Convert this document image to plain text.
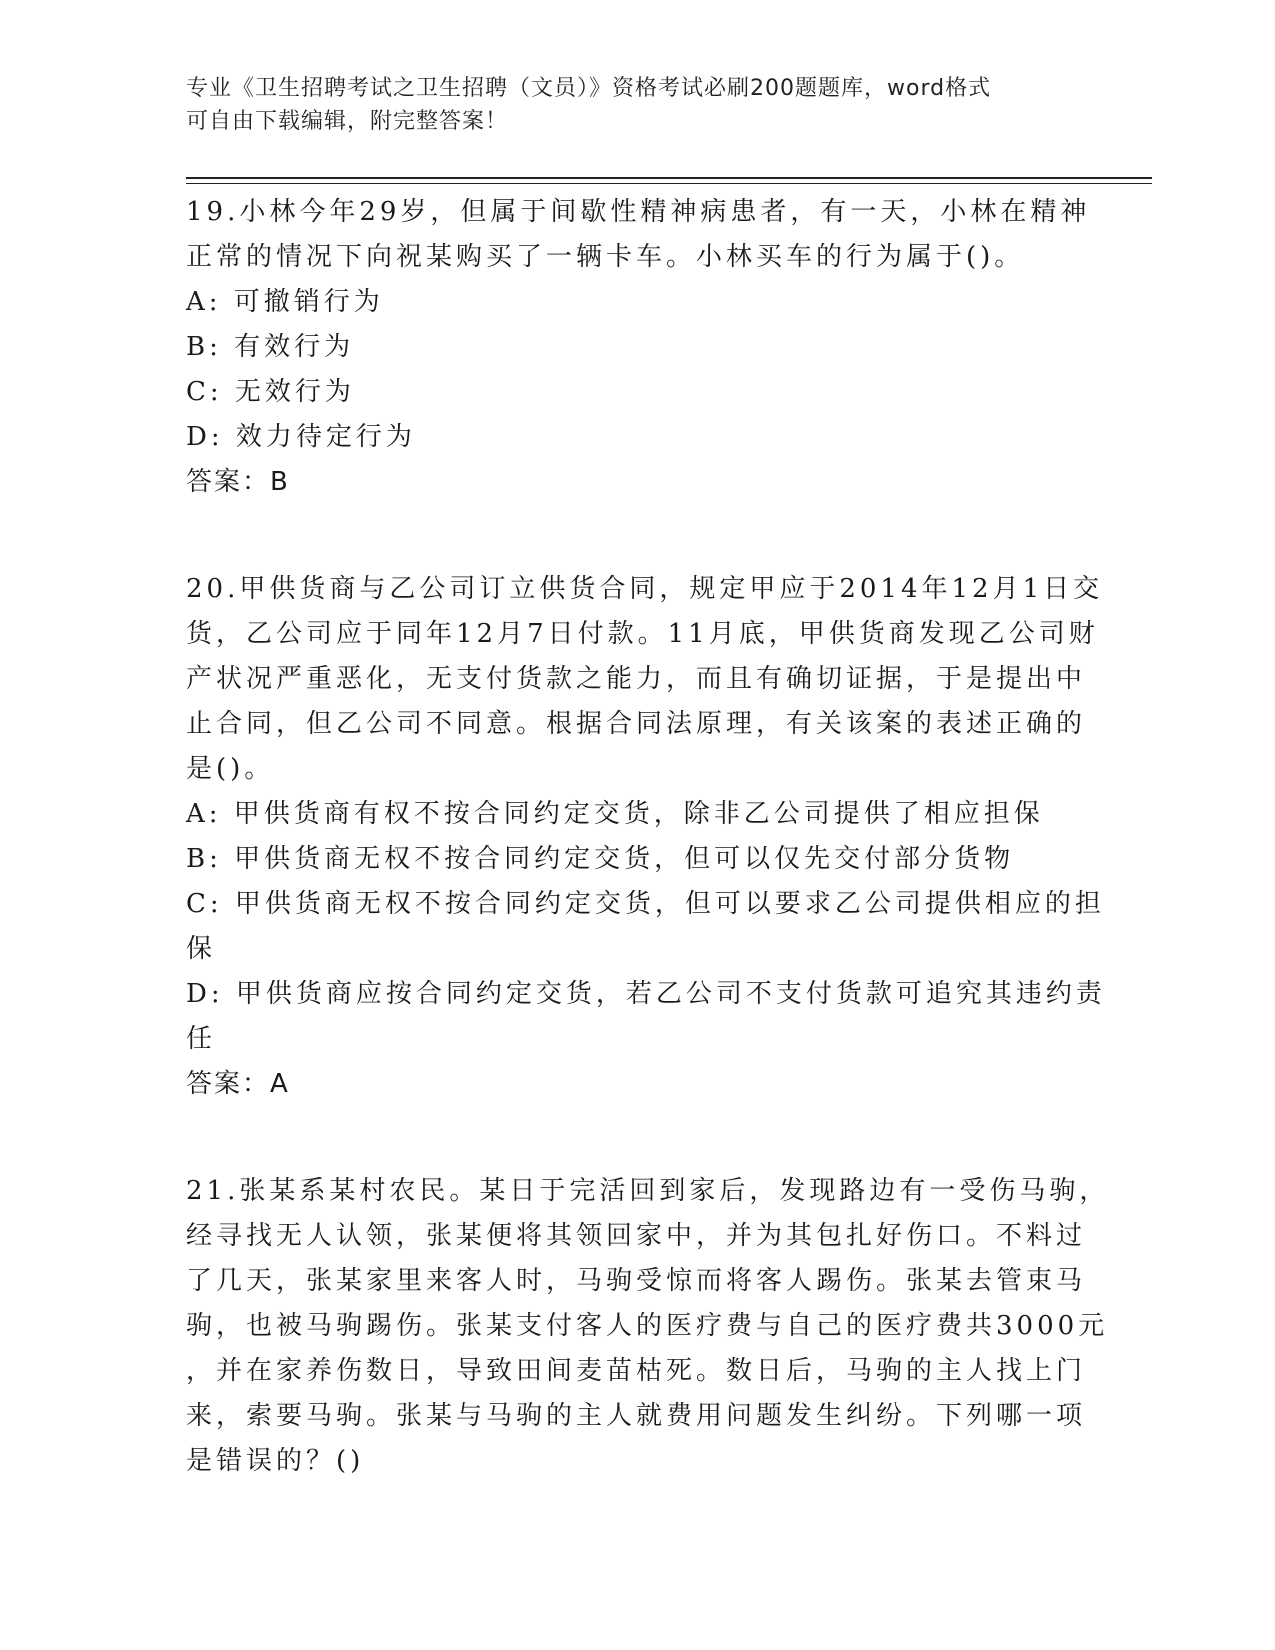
专业《卫生招聘考试之卫生招聘（文员）》资格考试必刷200题题库，word格式
可自由下载编辑，附完整答案！
19.小林今年29岁，但属于间歇性精神病患者，有一天，小林在精神
正常的情况下向祝某购买了一辆卡车。小林买车的行为属于()。
A: 可撤销行为
B: 有效行为
C: 无效行为
D: 效力待定行为
答案：B
20.甲供货商与乙公司订立供货合同，规定甲应于2014年12月1日交
货，乙公司应于同年12月7日付款。11月底，甲供货商发现乙公司财
产状况严重恶化，无支付货款之能力，而且有确切证据，于是提出中
止合同，但乙公司不同意。根据合同法原理，有关该案的表述正确的
是()。
A: 甲供货商有权不按合同约定交货，除非乙公司提供了相应担保
B: 甲供货商无权不按合同约定交货，但可以仅先交付部分货物
C: 甲供货商无权不按合同约定交货，但可以要求乙公司提供相应的担
保
D: 甲供货商应按合同约定交货，若乙公司不支付货款可追究其违约责
任
答案：A
21.张某系某村农民。某日于完活回到家后，发现路边有一受伤马驹，
经寻找无人认领，张某便将其领回家中，并为其包扎好伤口。不料过
了几天，张某家里来客人时，马驹受惊而将客人踢伤。张某去管束马
驹，也被马驹踢伤。张某支付客人的医疗费与自己的医疗费共3000元
，并在家养伤数日，导致田间麦苗枯死。数日后，马驹的主人找上门
来，索要马驹。张某与马驹的主人就费用问题发生纠纷。下列哪一项
是错误的？()
